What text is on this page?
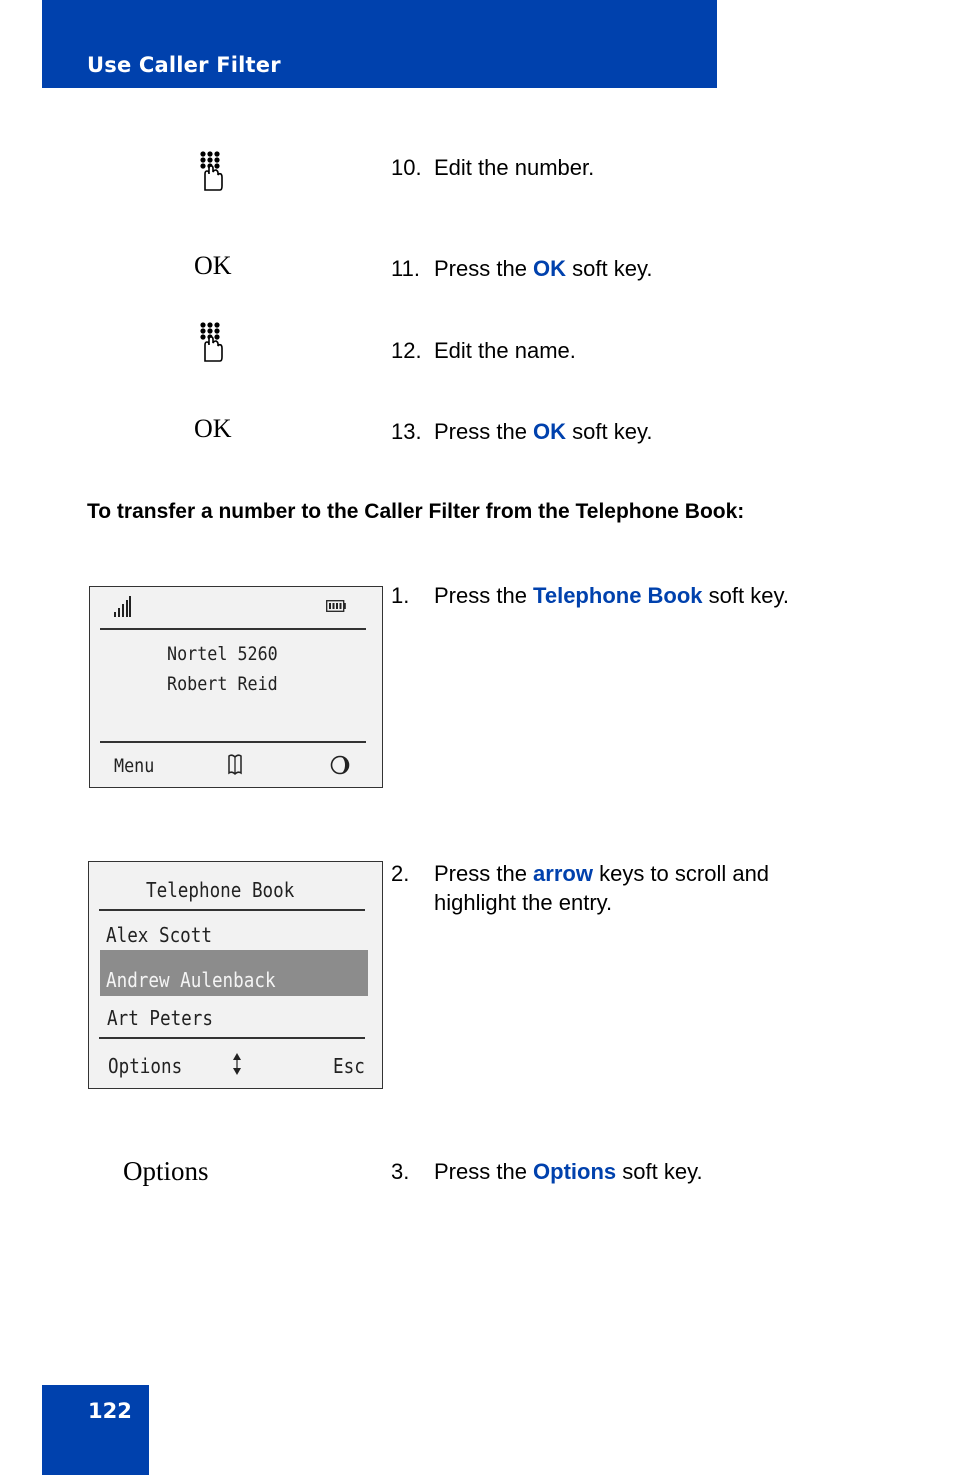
Use Caller Filter
10. Edit the number.
OK	11. Press the OK soft key.
12. Edit the name.
OK	13. Press the OK soft key.
To transfer a number to the Caller Filter from the Telephone Book:
Nortel 5260
Robert Reid
Menu
1. Press the Telephone Book soft key.
Telephone Book
Alex Scott
Andrew Aulenback
Art Peters
Options	Esc
2. Press the arrow keys to scroll and
highlight the entry.
Options	3. Press the Options soft key.
122
